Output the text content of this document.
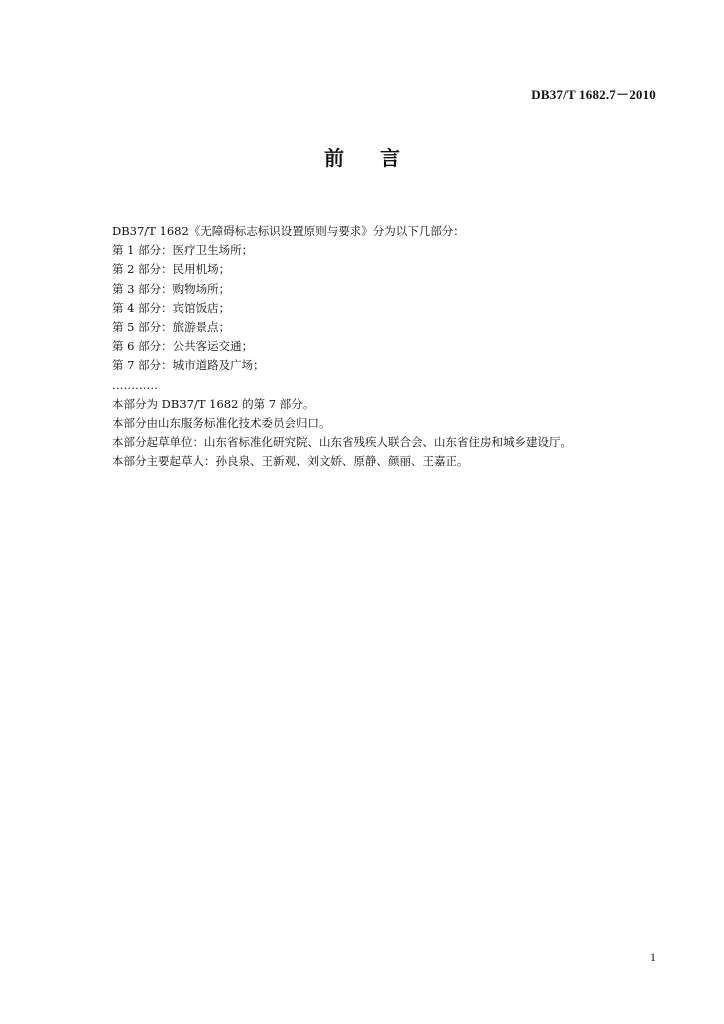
DB37/T 1682.7－2010
前言
DB37/T 1682《无障碍标志标识设置原则与要求》分为以下几部分：
第 1 部分：医疗卫生场所；
第 2 部分：民用机场；
第 3 部分：购物场所；
第 4 部分：宾馆饭店；
第 5 部分：旅游景点；
第 6 部分：公共客运交通；
第 7 部分：城市道路及广场；
…………
本部分为 DB37/T 1682 的第 7 部分。
本部分由山东服务标准化技术委员会归口。
本部分起草单位：山东省标准化研究院、山东省残疾人联合会、山东省住房和城乡建设厅。
本部分主要起草人：孙良泉、王新观、刘文娇、原静、颜丽、王嘉正。
1
